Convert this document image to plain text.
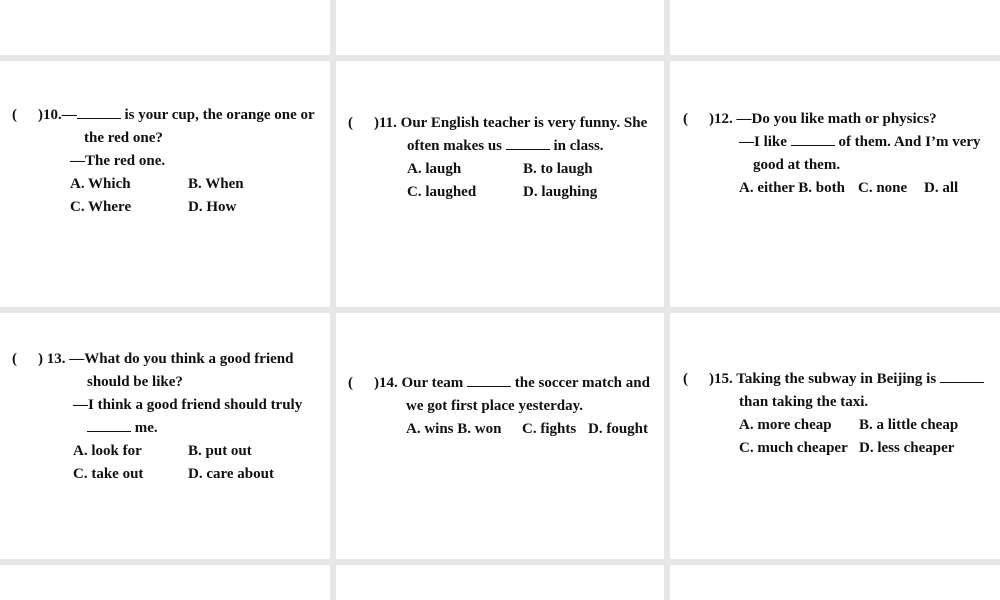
( )10.—	is your cup, the orange one or
the red one?
—The red one.
A. Which	B. When
C. Where	D. How
( )11. Our English teacher is very funny. She
often makes us	in class.
A. laugh	B. to laugh
C. laughed	D. laughing
( )12. —Do you like math or physics?
—I like	of them. And I’m very
good at them.
A. either B. both C. none D. all
( ) 13. —What do you think a good friend
should be like?
—I think a good friend should truly
me.
A. look for	B. put out
C. take out	D. care about
( )14. Our team	the soccer match and
we got first place yesterday.
A. wins B. won C. fights D. fought
( )15. Taking the subway in Beijing is
than taking the taxi.
A. more cheap B. a little cheap
C. much cheaper D. less cheaper
